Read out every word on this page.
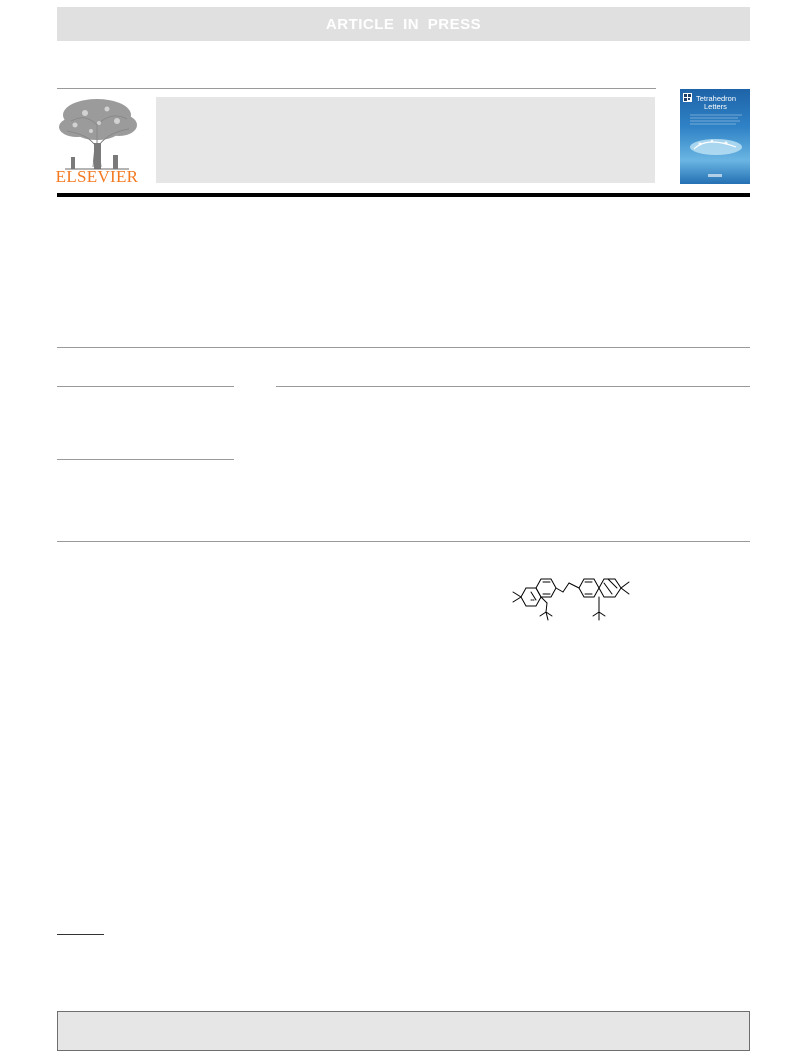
ARTICLE IN PRESS
ELSEVIER
Tetrahedron
Letters
